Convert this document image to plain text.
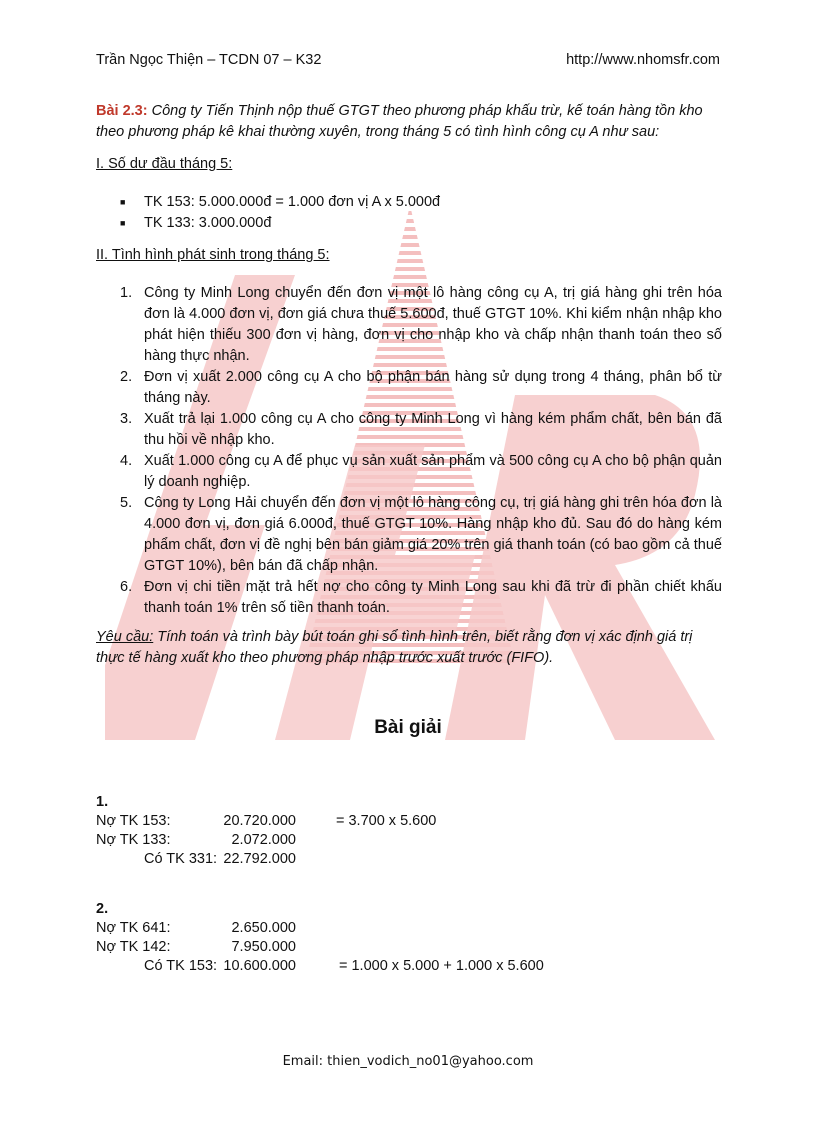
Trần Ngọc Thiện – TCDN 07 – K32	http://www.nhomsfr.com
Bài 2.3: Công ty Tiến Thịnh nộp thuế GTGT theo phương pháp khấu trừ, kế toán hàng tồn kho theo phương pháp kê khai thường xuyên, trong tháng 5 có tình hình công cụ A như sau:
I. Số dư đầu tháng 5:
■	TK 153: 5.000.000đ = 1.000 đơn vị A x 5.000đ
■	TK 133: 3.000.000đ
II. Tình hình phát sinh trong tháng 5:
1. Công ty Minh Long chuyển đến đơn vị một lô hàng công cụ A, trị giá hàng ghi trên hóa đơn là 4.000 đơn vị, đơn giá chưa thuế 5.600đ, thuế GTGT 10%. Khi kiểm nhận nhập kho phát hiện thiếu 300 đơn vị hàng, đơn vị cho nhập kho và chấp nhận thanh toán theo số hàng thực nhận.
2. Đơn vị xuất 2.000 công cụ A cho bộ phận bán hàng sử dụng trong 4 tháng, phân bổ từ tháng này.
3. Xuất trả lại 1.000 công cụ A cho công ty Minh Long vì hàng kém phẩm chất, bên bán đã thu hồi về nhập kho.
4. Xuất 1.000 công cụ A để phục vụ sản xuất sản phẩm và 500 công cụ A cho bộ phận quản lý doanh nghiệp.
5. Công ty Long Hải chuyển đến đơn vị một lô hàng công cụ, trị giá hàng ghi trên hóa đơn là 4.000 đơn vị, đơn giá 6.000đ, thuế GTGT 10%. Hàng nhập kho đủ. Sau đó do hàng kém phẩm chất, đơn vị đề nghị bên bán giảm giá 20% trên giá thanh toán (có bao gồm cả thuế GTGT 10%), bên bán đã chấp nhận.
6. Đơn vị chi tiền mặt trả hết nợ cho công ty Minh Long sau khi đã trừ đi phần chiết khấu thanh toán 1% trên số tiền thanh toán.
Yêu cầu: Tính toán và trình bày bút toán ghi sổ tình hình trên, biết rằng đơn vị xác định giá trị thực tế hàng xuất kho theo phương pháp nhập trước xuất trước (FIFO).
Bài giải
1.
Nợ TK 153:	20.720.000	= 3.700 x 5.600
Nợ TK 133:	2.072.000
Có TK 331: 22.792.000
2.
Nợ TK 641:	2.650.000
Nợ TK 142:	7.950.000
Có TK 153: 10.600.000	= 1.000 x 5.000 + 1.000 x 5.600
Email: thien_vodich_no01@yahoo.com
